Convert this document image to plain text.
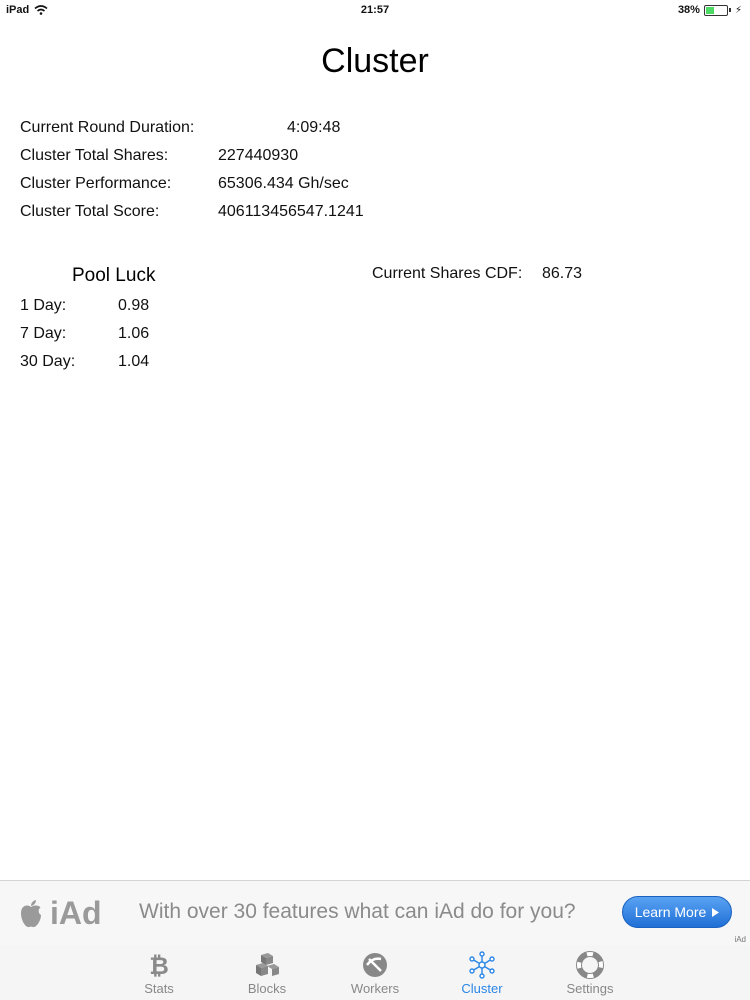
iPad	21:57	38%	⚡
Cluster
Current Round Duration:	4:09:48
Cluster Total Shares:	227440930
Cluster Performance:	65306.434 Gh/sec
Cluster Total Score:	406113456547.1241
Pool Luck
1 Day:	0.98
7 Day:	1.06
30 Day:	1.04
Current Shares CDF: 86.73
iAd With over 30 features what can iAd do for you?	Learn More
iAd
₿
Stats	Blocks	Workers	Cluster	Settings
